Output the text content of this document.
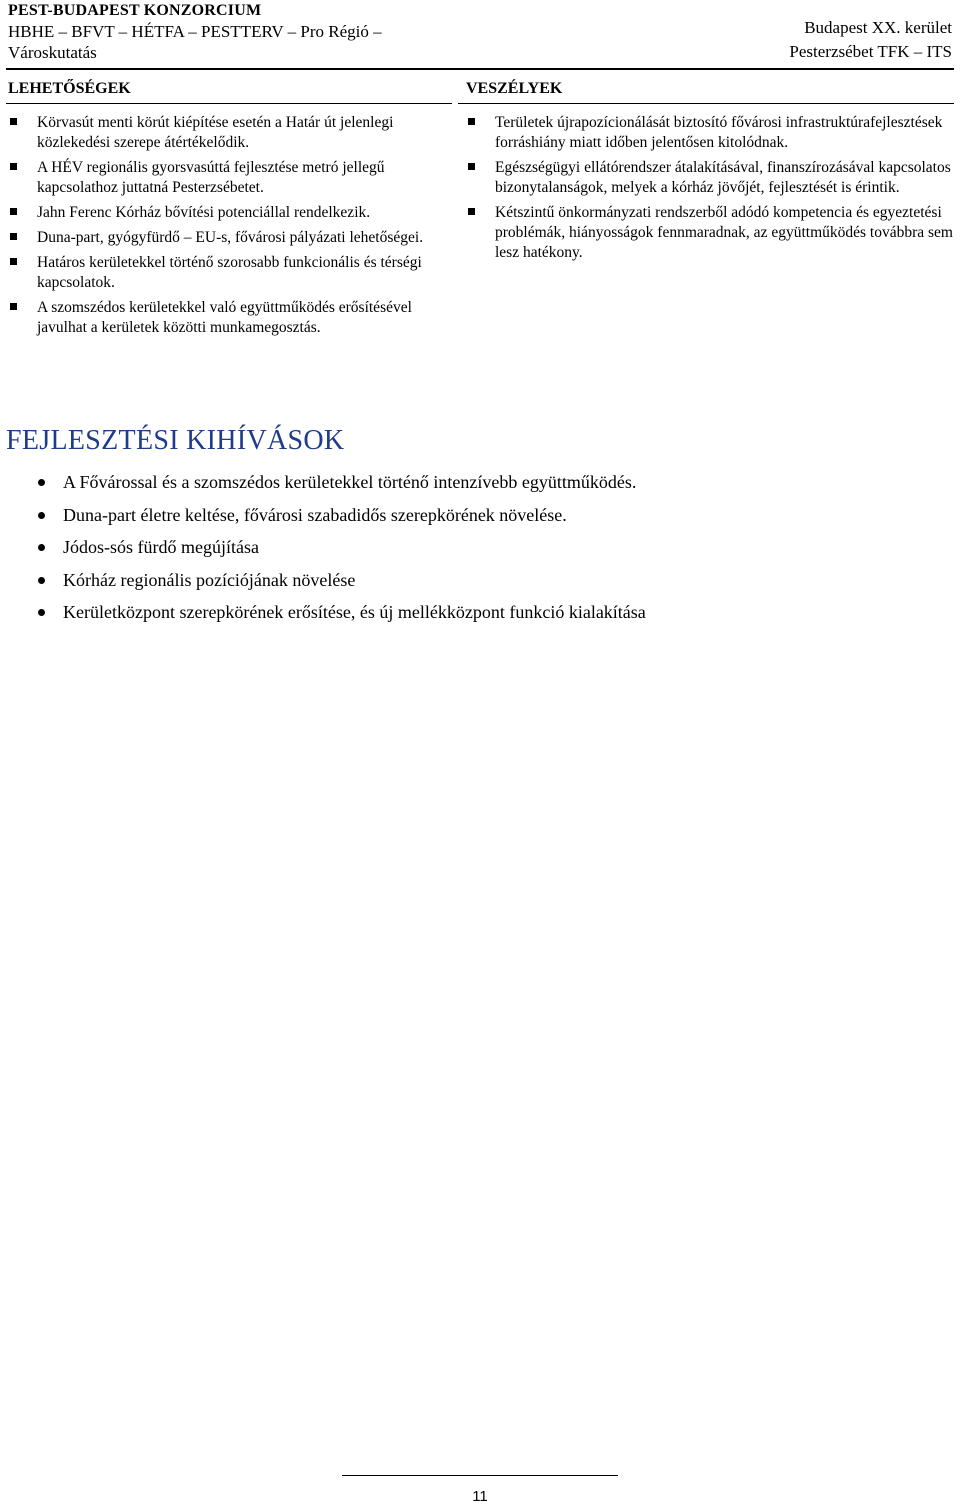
PEST-BUDAPEST KONZORCIUM
HBHE – BFVT – HÉTFA – PESTTERV – Pro Régió –
Városkutatás
Budapest XX. kerület
Pesterzsébet TFK – ITS
LEHETŐSÉGEK
Körvasút menti körút kiépítése esetén a Határ út jelenlegi közlekedési szerepe átértékelődik.
A HÉV regionális gyorsvasúttá fejlesztése metró jellegű kapcsolathoz juttatná Pesterzsébetet.
Jahn Ferenc Kórház bővítési potenciállal rendelkezik.
Duna-part, gyógyfürdő – EU-s, fővárosi pályázati lehetőségei.
Határos kerületekkel történő szorosabb funkcionális és térségi kapcsolatok.
A szomszédos kerületekkel való együttműködés erősítésével javulhat a kerületek közötti munkamegosztás.
VESZÉLYEK
Területek újrapozícionálását biztosító fővárosi infrastruktúrafejlesztések forráshiány miatt időben jelentősen kitolódnak.
Egészségügyi ellátórendszer átalakításával, finanszírozásával kapcsolatos bizonytalanságok, melyek a kórház jövőjét, fejlesztését is érintik.
Kétszintű önkormányzati rendszerből adódó kompetencia és egyeztetési problémák, hiányosságok fennmaradnak, az együttműködés továbbra sem lesz hatékony.
FEJLESZTÉSI KIHÍVÁSOK
A Fővárossal és a szomszédos kerületekkel történő intenzívebb együttműködés.
Duna-part életre keltése, fővárosi szabadidős szerepkörének növelése.
Jódos-sós fürdő megújítása
Kórház regionális pozíciójának növelése
Kerületközpont szerepkörének erősítése, és új mellékközpont funkció kialakítása
11
